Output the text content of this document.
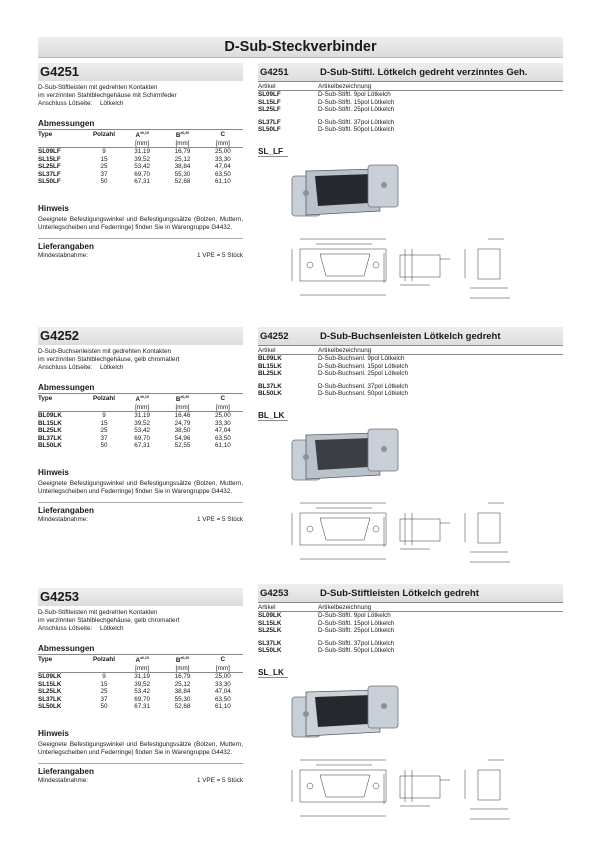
D-Sub-Steckverbinder
G4251
D-Sub-Stiftleisten mit gedrehten Kontakten
im verzinnten Stahlblechgehäuse mit Schirmfeder
Anschluss Lötseite: Lötkelch
Abmessungen
Type	Polzahl	$A^{\pm 0,15}$	$B^{\pm 0,20}$	C
		[mm]	[mm]	[mm]
SL09LF	9	31,19	16,79	25,00
SL15LF	15	39,52	25,12	33,30
SL25LF	25	53,42	38,84	47,04
SL37LF	37	69,70	55,30	63,50
SL50LF	50	67,31	52,68	61,10
Hinweis
Geeignete Befestigungswinkel und Befestigungssätze (Bolzen, Muttern, Unterlegscheiben und Federringe) finden Sie in Warengruppe G4432.
Lieferangaben
Mindestabnahme:	1 VPE = 5 Stück
G4251	D-Sub-Stiftl. Lötkelch gedreht verzinntes Geh.
Artikel	Artikelbezeichnung
SL09LF	D-Sub-Stiftl. 9pol Lötkelch
SL15LF	D-Sub-Stiftl. 15pol Lötkelch
SL25LF	D-Sub-Stiftl. 25pol Lötkelch

SL37LF	D-Sub-Stiftl. 37pol Lötkelch
SL50LF	D-Sub-Stiftl. 50pol Lötkelch
SL_LF
G4252
D-Sub-Buchsenleisten mit gedrehten Kontakten
im verzinnten Stahlblechgehäuse, gelb chromatiert
Anschluss Lötseite: Lötkelch
Abmessungen
Type	Polzahl	$A^{\pm 0,15}$	$B^{\pm 0,20}$	C
		[mm]	[mm]	[mm]
BL09LK	9	31,19	16,46	25,00
BL15LK	15	39,52	24,79	33,30
BL25LK	25	53,42	38,50	47,04
BL37LK	37	69,70	54,96	63,50
BL50LK	50	67,31	52,55	61,10
Hinweis
Geeignete Befestigungswinkel und Befestigungssätze (Bolzen, Muttern, Unterlegscheiben und Federringe) finden Sie in Warengruppe G4432.
Lieferangaben
Mindestabnahme:	1 VPE = 5 Stück
G4252	D-Sub-Buchsenleisten Lötkelch gedreht
Artikel	Artikelbezeichnung
BL09LK	D-Sub-Buchsenl. 9pol Lötkelch
BL15LK	D-Sub-Buchsenl. 15pol Lötkelch
BL25LK	D-Sub-Buchsenl. 25pol Lötkelch

BL37LK	D-Sub-Buchsenl. 37pol Lötkelch
BL50LK	D-Sub-Buchsenl. 50pol Lötkelch
BL_LK
G4253
D-Sub-Stiftleisten mit gedrehten Kontakten
im verzinnten Stahlblechgehäuse, gelb chromatiert
Anschluss Lötseite: Lötkelch
Abmessungen
Type	Polzahl	$A^{\pm 0,15}$	$B^{\pm 0,20}$	C
		[mm]	[mm]	[mm]
SL09LK	9	31,19	16,79	25,00
SL15LK	15	39,52	25,12	33,30
SL25LK	25	53,42	38,84	47,04
SL37LK	37	69,70	55,30	63,50
SL50LK	50	67,31	52,68	61,10
Hinweis
Geeignete Befestigungswinkel und Befestigungssätze (Bolzen, Muttern, Unterlegscheiben und Federringe) finden Sie in Warengruppe G4432.
Lieferangaben
Mindestabnahme:	1 VPE = 5 Stück
G4253	D-Sub-Stiftleisten Lötkelch gedreht
Artikel	Artikelbezeichnung
SL09LK	D-Sub-Stiftl. 9pol Lötkelch
SL15LK	D-Sub-Stiftl. 15pol Lötkelch
SL25LK	D-Sub-Stiftl. 25pol Lötkelch

SL37LK	D-Sub-Stiftl. 37pol Lötkelch
SL50LK	D-Sub-Stiftl. 50pol Lötkelch
SL_LK
